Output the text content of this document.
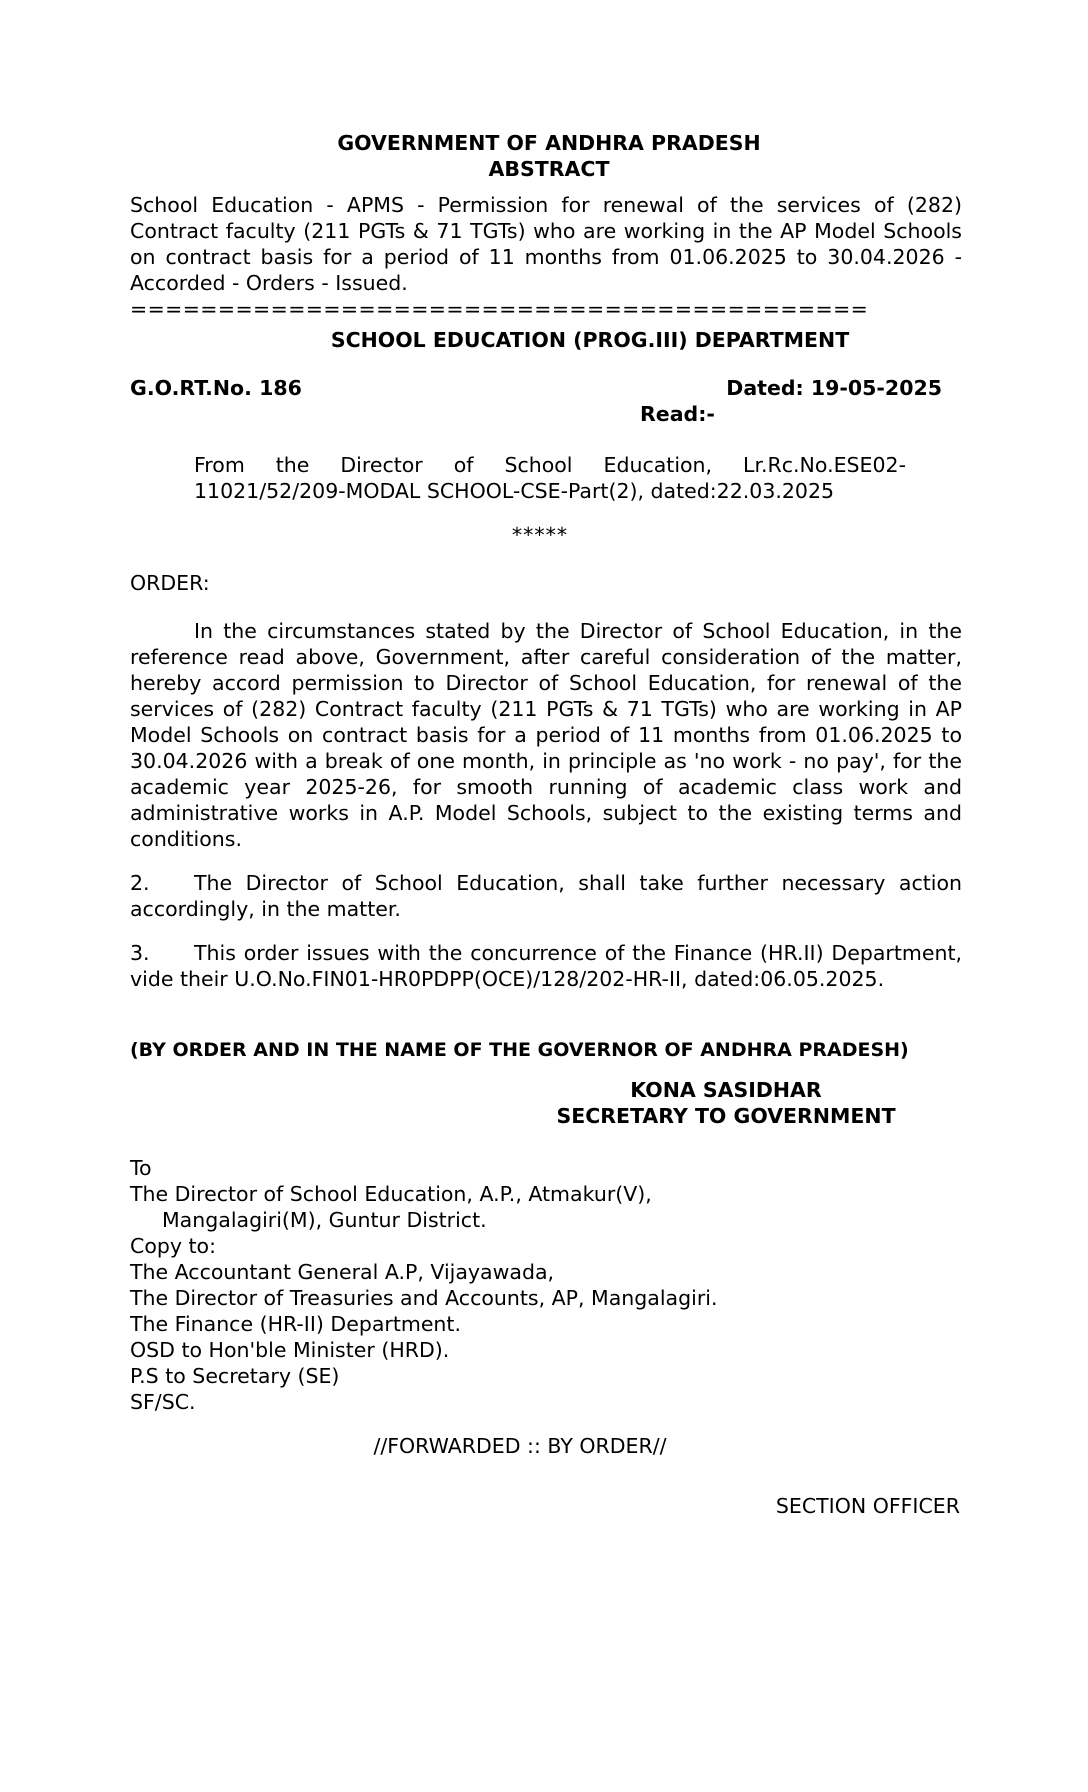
GOVERNMENT OF ANDHRA PRADESH
ABSTRACT

School Education - APMS - Permission for renewal of the services of (282) Contract faculty (211 PGTs & 71 TGTs) who are working in the AP Model Schools on contract basis for a period of 11 months from 01.06.2025 to 30.04.2026 - Accorded - Orders - Issued.

==========================================
SCHOOL EDUCATION (PROG.III) DEPARTMENT
G.O.RT.No. 186	Dated: 19-05-2025
Read:-

From the Director of School Education, Lr.Rc.No.ESE02-11021/52/209-MODAL SCHOOL-CSE-Part(2), dated:22.03.2025

*****
ORDER:

In the circumstances stated by the Director of School Education, in the reference read above, Government, after careful consideration of the matter, hereby accord permission to Director of School Education, for renewal of the services of (282) Contract faculty (211 PGTs & 71 TGTs) who are working in AP Model Schools on contract basis for a period of 11 months from 01.06.2025 to 30.04.2026 with a break of one month, in principle as 'no work - no pay', for the academic year 2025-26, for smooth running of academic class work and administrative works in A.P. Model Schools, subject to the existing terms and conditions.

2. The Director of School Education, shall take further necessary action accordingly, in the matter.
3. This order issues with the concurrence of the Finance (HR.II) Department, vide their U.O.No.FIN01-HR0PDPP(OCE)/128/202-HR-II, dated:06.05.2025.
(BY ORDER AND IN THE NAME OF THE GOVERNOR OF ANDHRA PRADESH)
KONA SASIDHAR
SECRETARY TO GOVERNMENT
To
The Director of School Education, A.P., Atmakur(V),
Mangalagiri(M), Guntur District.
Copy to:
The Accountant General A.P, Vijayawada,
The Director of Treasuries and Accounts, AP, Mangalagiri.
The Finance (HR-II) Department.
OSD to Hon'ble Minister (HRD).
P.S to Secretary (SE)
SF/SC.
//FORWARDED :: BY ORDER//
SECTION OFFICER
